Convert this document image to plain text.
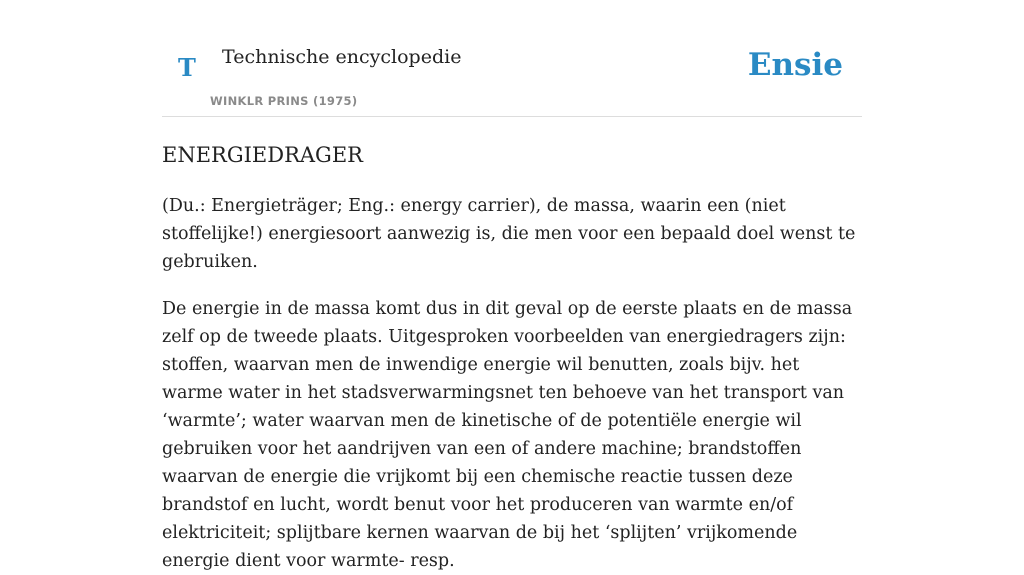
T Technische encyclopedie
WINKLR PRINS (1975)
Ensie
ENERGIEDRAGER

(Du.: Energieträger; Eng.: energy carrier), de massa, waarin een (niet stoffelijke!) energiesoort aanwezig is, die men voor een bepaald doel wenst te gebruiken.

De energie in de massa komt dus in dit geval op de eerste plaats en de massa zelf op de tweede plaats. Uitgesproken voorbeelden van energiedragers zijn: stoffen, waarvan men de inwendige energie wil benutten, zoals bijv. het warme water in het stadsverwarmingsnet ten behoeve van het transport van ‘warmte’; water waarvan men de kinetische of de potentiële energie wil gebruiken voor het aandrijven van een of andere machine; brandstoffen waarvan de energie die vrijkomt bij een chemische reactie tussen deze brandstof en lucht, wordt benut voor het produceren van warmte en/of elektriciteit; splijtbare kernen waarvan de bij het ‘splijten’ vrijkomende energie dient voor warmte- resp.
